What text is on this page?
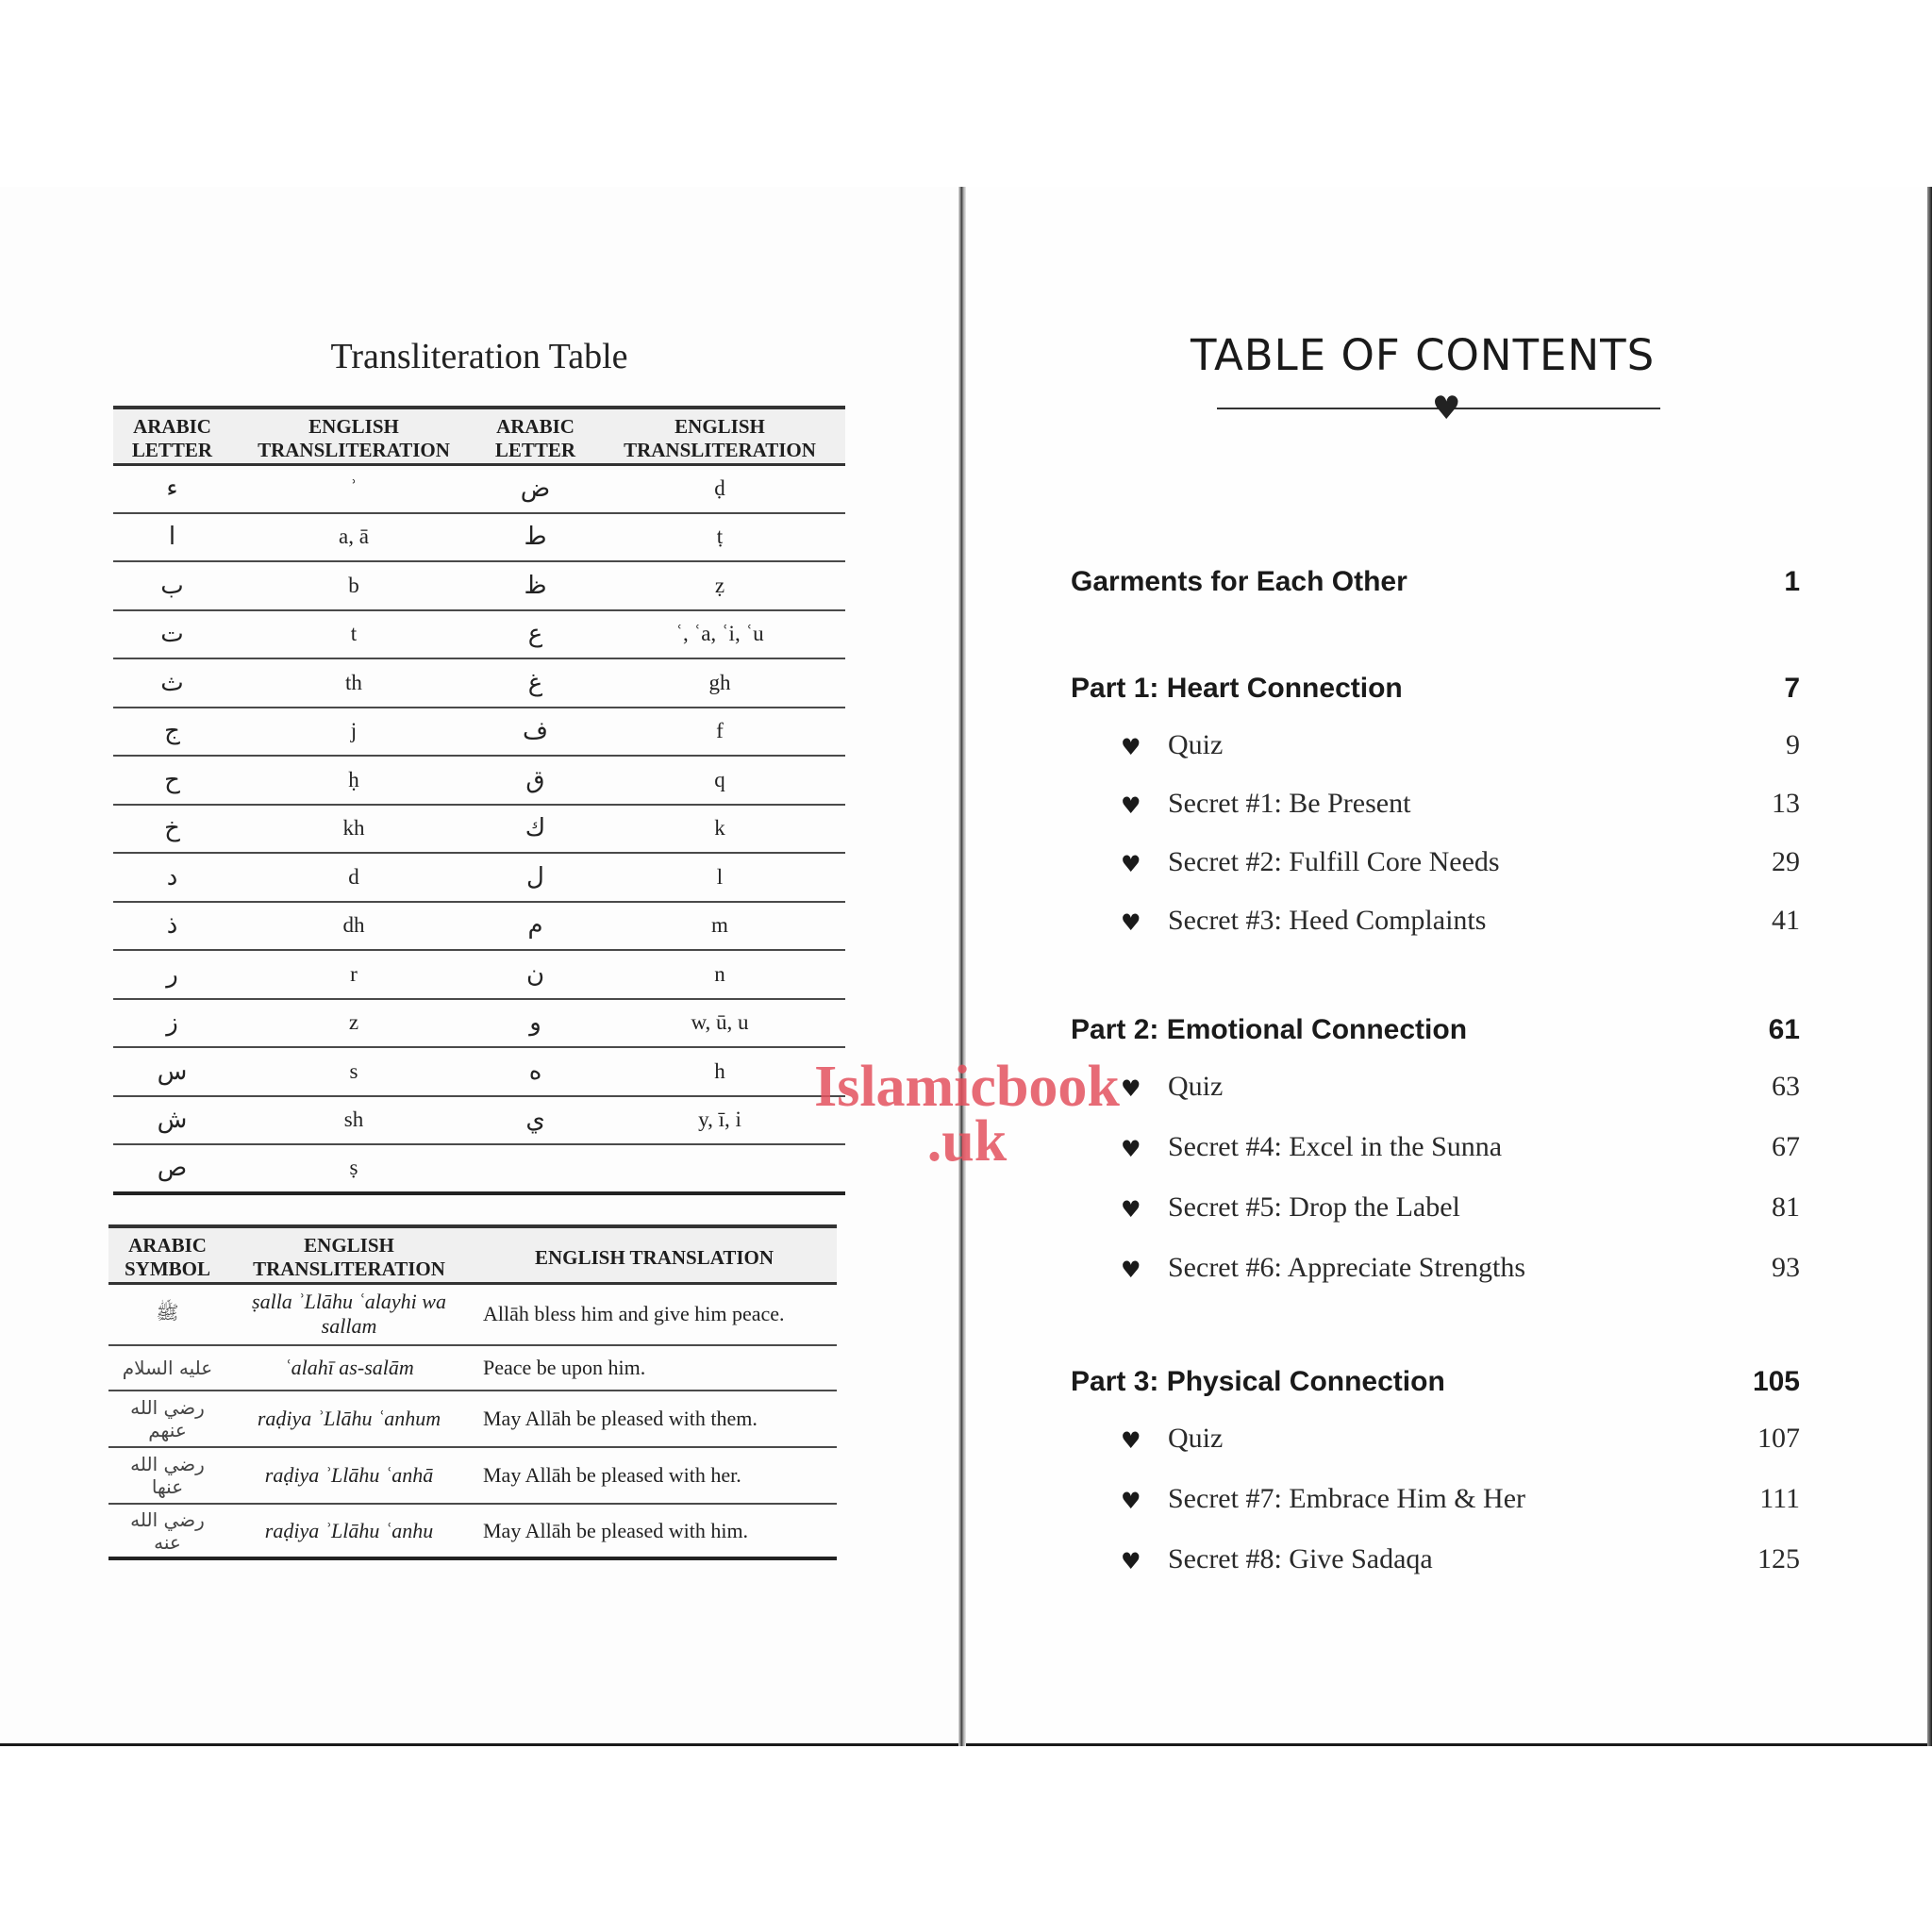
Transliteration Table
ARABIC LETTER	ENGLISH TRANSLITERATION	ARABIC LETTER	ENGLISH TRANSLITERATION
ء	ʾ	ض	ḍ
ا	a, ā	ط	ṭ
ب	b	ظ	ẓ
ت	t	ع	ʿ, ʿa, ʿi, ʿu
ث	th	غ	gh
ج	j	ف	f
ح	ḥ	ق	q
خ	kh	ك	k
د	d	ل	l
ذ	dh	م	m
ر	r	ن	n
ز	z	و	w, ū, u
س	s	ه	h
ش	sh	ي	y, ī, i
ص	ṣ		
ARABIC SYMBOL	ENGLISH TRANSLITERATION	ENGLISH TRANSLATION
ﷺ	ṣalla ʾLlāhu ʿalayhi wa sallam	Allāh bless him and give him peace.
عليه السلام	ʿalahī as-salām	Peace be upon him.
رضي الله عنهم	raḍiya ʾLlāhu ʿanhum	May Allāh be pleased with them.
رضي الله عنها	raḍiya ʾLlāhu ʿanhā	May Allāh be pleased with her.
رضي الله عنه	raḍiya ʾLlāhu ʿanhu	May Allāh be pleased with him.
TABLE OF CONTENTS
♥
Garments for Each Other	1
Part 1: Heart Connection	7
♥ Quiz	9
♥ Secret #1: Be Present	13
♥ Secret #2: Fulfill Core Needs	29
♥ Secret #3: Heed Complaints	41
Part 2: Emotional Connection	61
♥ Quiz	63
♥ Secret #4: Excel in the Sunna	67
♥ Secret #5: Drop the Label	81
♥ Secret #6: Appreciate Strengths	93
Part 3: Physical Connection	105
♥ Quiz	107
♥ Secret #7: Embrace Him & Her	111
♥ Secret #8: Give Sadaqa	125
Islamicbook
.uk
